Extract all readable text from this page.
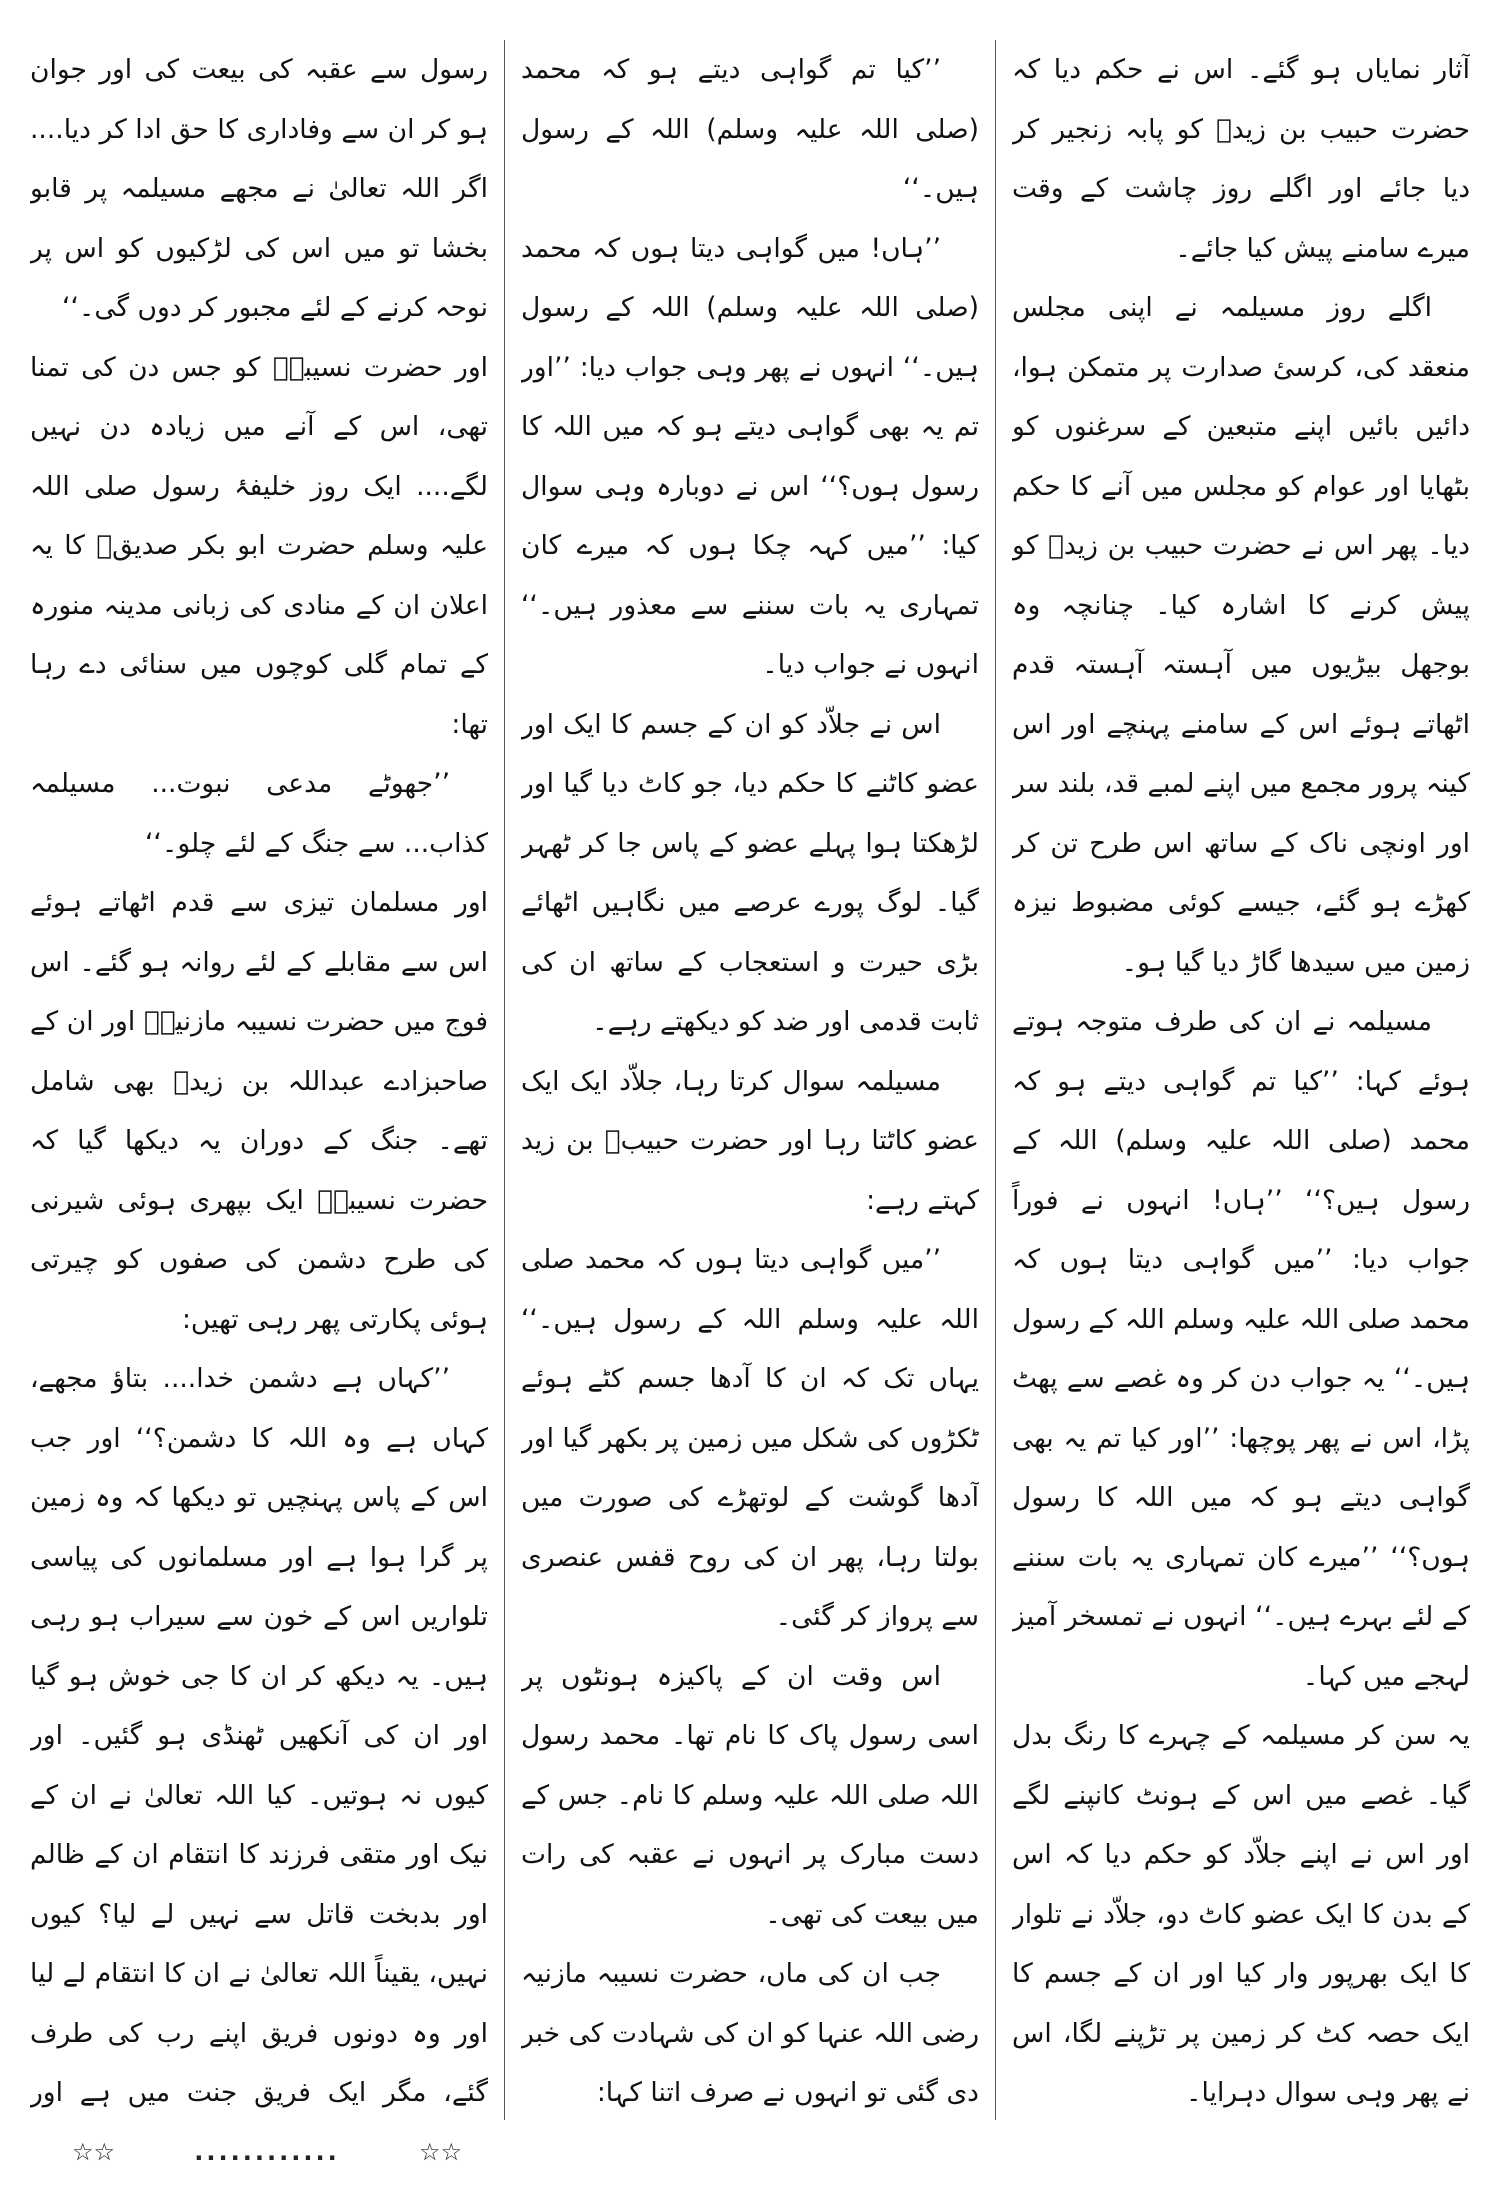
آثار نمایاں ہو گئے۔ اس نے حکم دیا کہ حضرت حبیب بن زیدؓ کو پابہ زنجیر کر دیا جائے اور اگلے روز چاشت کے وقت میرے سامنے پیش کیا جائے۔

اگلے روز مسیلمہ نے اپنی مجلس منعقد کی، کرسیٔ صدارت پر متمکن ہوا، دائیں بائیں اپنے متبعین کے سرغنوں کو بٹھایا اور عوام کو مجلس میں آنے کا حکم دیا۔ پھر اس نے حضرت حبیب بن زیدؓ کو پیش کرنے کا اشارہ کیا۔ چنانچہ وہ بوجھل بیڑیوں میں آہستہ آہستہ قدم اٹھاتے ہوئے اس کے سامنے پہنچے اور اس کینہ پرور مجمع میں اپنے لمبے قد، بلند سر اور اونچی ناک کے ساتھ اس طرح تن کر کھڑے ہو گئے، جیسے کوئی مضبوط نیزہ زمین میں سیدھا گاڑ دیا گیا ہو۔

مسیلمہ نے ان کی طرف متوجہ ہوتے ہوئے کہا: ’’کیا تم گواہی دیتے ہو کہ محمد (صلی اللہ علیہ وسلم) اللہ کے رسول ہیں؟‘‘ ’’ہاں! انہوں نے فوراً جواب دیا: ’’میں گواہی دیتا ہوں کہ محمد صلی اللہ علیہ وسلم اللہ کے رسول ہیں۔‘‘ یہ جواب دن کر وہ غصے سے پھٹ پڑا، اس نے پھر پوچھا: ’’اور کیا تم یہ بھی گواہی دیتے ہو کہ میں اللہ کا رسول ہوں؟‘‘ ’’میرے کان تمہاری یہ بات سننے کے لئے بہرے ہیں۔‘‘ انہوں نے تمسخر آمیز لہجے میں کہا۔

یہ سن کر مسیلمہ کے چہرے کا رنگ بدل گیا۔ غصے میں اس کے ہونٹ کانپنے لگے اور اس نے اپنے جلاّد کو حکم دیا کہ اس کے بدن کا ایک عضو کاٹ دو، جلاّد نے تلوار کا ایک بھرپور وار کیا اور ان کے جسم کا ایک حصہ کٹ کر زمین پر تڑپنے لگا، اس نے پھر وہی سوال دہرایا۔

’’کیا تم گواہی دیتے ہو کہ محمد (صلی اللہ علیہ وسلم) اللہ کے رسول ہیں۔‘‘

’’ہاں! میں گواہی دیتا ہوں کہ محمد (صلی اللہ علیہ وسلم) اللہ کے رسول ہیں۔‘‘ انہوں نے پھر وہی جواب دیا: ’’اور تم یہ بھی گواہی دیتے ہو کہ میں اللہ کا رسول ہوں؟‘‘ اس نے دوبارہ وہی سوال کیا: ’’میں کہہ چکا ہوں کہ میرے کان تمہاری یہ بات سننے سے معذور ہیں۔‘‘ انہوں نے جواب دیا۔

اس نے جلاّد کو ان کے جسم کا ایک اور عضو کاٹنے کا حکم دیا، جو کاٹ دیا گیا اور لڑھکتا ہوا پہلے عضو کے پاس جا کر ٹھہر گیا۔ لوگ پورے عرصے میں نگاہیں اٹھائے بڑی حیرت و استعجاب کے ساتھ ان کی ثابت قدمی اور ضد کو دیکھتے رہے۔

مسیلمہ سوال کرتا رہا، جلاّد ایک ایک عضو کاٹتا رہا اور حضرت حبیبؓ بن زید کہتے رہے:

’’میں گواہی دیتا ہوں کہ محمد صلی اللہ علیہ وسلم اللہ کے رسول ہیں۔‘‘ یہاں تک کہ ان کا آدھا جسم کٹے ہوئے ٹکڑوں کی شکل میں زمین پر بکھر گیا اور آدھا گوشت کے لوتھڑے کی صورت میں بولتا رہا، پھر ان کی روح قفس عنصری سے پرواز کر گئی۔

اس وقت ان کے پاکیزہ ہونٹوں پر اسی رسول پاک کا نام تھا۔ محمد رسول اللہ صلی اللہ علیہ وسلم کا نام۔ جس کے دست مبارک پر انہوں نے عقبہ کی رات میں بیعت کی تھی۔

جب ان کی ماں، حضرت نسیبہ مازنیہ رضی اللہ عنہا کو ان کی شہادت کی خبر دی گئی تو انہوں نے صرف اتنا کہا:

رسول سے عقبہ کی بیعت کی اور جوان ہو کر ان سے وفاداری کا حق ادا کر دیا.... اگر اللہ تعالیٰ نے مجھے مسیلمہ پر قابو بخشا تو میں اس کی لڑکیوں کو اس پر نوحہ کرنے کے لئے مجبور کر دوں گی۔‘‘

اور حضرت نسیبہؓ کو جس دن کی تمنا تھی، اس کے آنے میں زیادہ دن نہیں لگے.... ایک روز خلیفۂ رسول صلی اللہ علیہ وسلم حضرت ابو بکر صدیقؓ کا یہ اعلان ان کے منادی کی زبانی مدینہ منورہ کے تمام گلی کوچوں میں سنائی دے رہا تھا:

’’جھوٹے مدعی نبوت... مسیلمہ کذاب... سے جنگ کے لئے چلو۔‘‘

اور مسلمان تیزی سے قدم اٹھاتے ہوئے اس سے مقابلے کے لئے روانہ ہو گئے۔ اس فوج میں حضرت نسیبہ مازنیہؓ اور ان کے صاحبزادے عبداللہ بن زیدؓ بھی شامل تھے۔ جنگ کے دوران یہ دیکھا گیا کہ حضرت نسیبہؓ ایک بپھری ہوئی شیرنی کی طرح دشمن کی صفوں کو چیرتی ہوئی پکارتی پھر رہی تھیں:

’’کہاں ہے دشمن خدا.... بتاؤ مجھے، کہاں ہے وہ اللہ کا دشمن؟‘‘ اور جب اس کے پاس پہنچیں تو دیکھا کہ وہ زمین پر گرا ہوا ہے اور مسلمانوں کی پیاسی تلواریں اس کے خون سے سیراب ہو رہی ہیں۔ یہ دیکھ کر ان کا جی خوش ہو گیا اور ان کی آنکھیں ٹھنڈی ہو گئیں۔ اور کیوں نہ ہوتیں۔ کیا اللہ تعالیٰ نے ان کے نیک اور متقی فرزند کا انتقام ان کے ظالم اور بدبخت قاتل سے نہیں لے لیا؟ کیوں نہیں، یقیناً اللہ تعالیٰ نے ان کا انتقام لے لیا اور وہ دونوں فریق اپنے رب کی طرف گئے، مگر ایک فریق جنت میں ہے اور

☆☆	............	☆☆
